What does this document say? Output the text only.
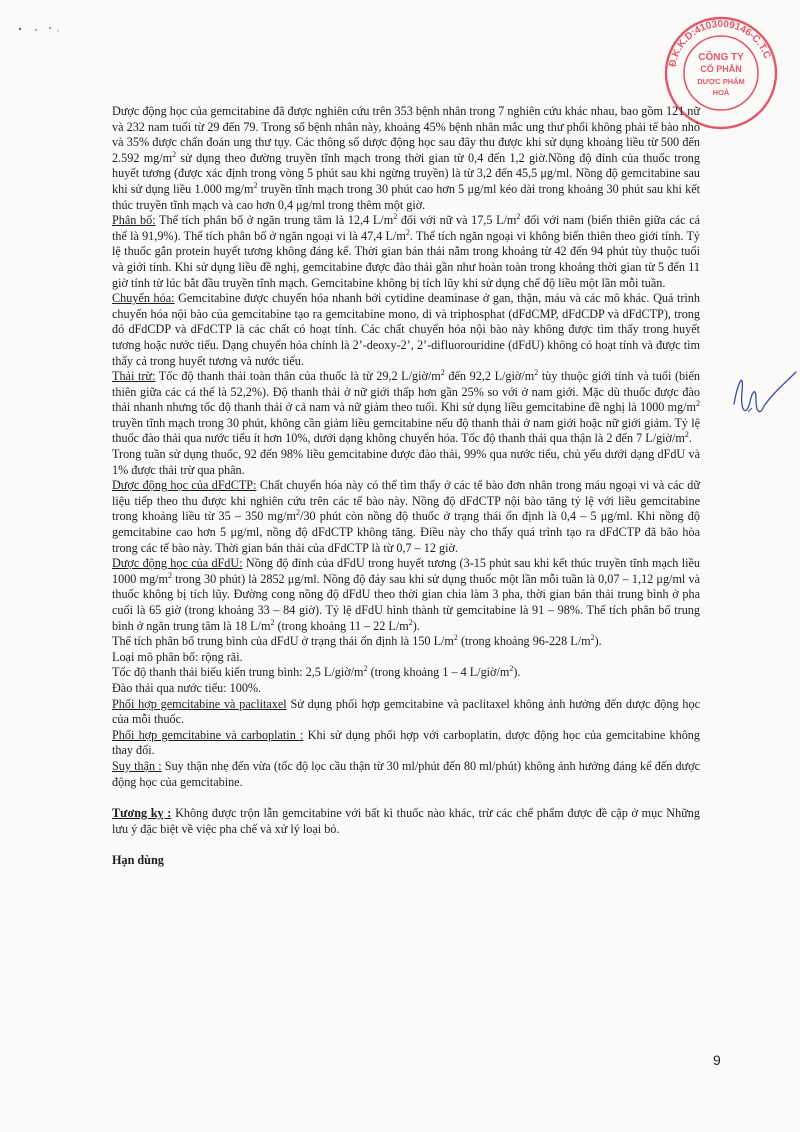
Đ.K.K.D:4103009146-C.T.C
CÔNG TY
CỔ PHẦN
DƯỢC PHẨM
HOÀ

Dược động học của gemcitabine đã được nghiên cứu trên 353 bệnh nhân trong 7 nghiên cứu khác nhau, bao gồm 121 nữ và 232 nam tuổi từ 29 đến 79. Trong số bệnh nhân này, khoảng 45% bệnh nhân mắc ung thư phổi không phải tế bào nhỏ và 35% được chẩn đoán ung thư tụy. Các thông số dược động học sau đây thu được khi sử dụng khoảng liều từ 500 đến 2.592 $mg/m^2$ sử dụng theo đường truyền tĩnh mạch trong thời gian từ 0,4 đến 1,2 giờ.Nồng độ đỉnh của thuốc trong huyết tương (được xác định trong vòng 5 phút sau khi ngừng truyền) là từ 3,2 đến 45,5 μg/ml. Nồng độ gemcitabine sau khi sử dụng liều 1.000 $mg/m^2$ truyền tĩnh mạch trong 30 phút cao hơn 5 μg/ml kéo dài trong khoảng 30 phút sau khi kết thúc truyền tĩnh mạch và cao hơn 0,4 μg/ml trong thêm một giờ.

Phân bố: Thể tích phân bố ở ngăn trung tâm là 12,4 $L/m^2$ đối với nữ và 17,5 $L/m^2$ đối với nam (biến thiên giữa các cá thể là 91,9%). Thể tích phân bố ở ngăn ngoại vi là 47,4 $L/m^2$. Thể tích ngăn ngoại vi không biến thiên theo giới tính. Tỷ lệ thuốc gắn protein huyết tương không đáng kể. Thời gian bán thải nằm trong khoảng từ 42 đến 94 phút tùy thuộc tuổi và giới tính. Khi sử dụng liều đề nghị, gemcitabine được đào thải gần như hoàn toàn trong khoảng thời gian từ 5 đến 11 giờ tính từ lúc bắt đầu truyền tĩnh mạch. Gemcitabine không bị tích lũy khi sử dụng chế độ liều một lần mỗi tuần.

Chuyển hóa: Gemcitabine được chuyển hóa nhanh bởi cytidine deaminase ở gan, thận, máu và các mô khác. Quá trình chuyển hóa nội bào của gemcitabine tạo ra gemcitabine mono, di và triphosphat (dFdCMP, dFdCDP và dFdCTP), trong đó dFdCDP và dFdCTP là các chất có hoạt tính. Các chất chuyển hóa nội bào này không được tìm thấy trong huyết tương hoặc nước tiểu. Dạng chuyển hóa chính là 2’-deoxy-2’, 2’-difluorouridine (dFdU) không có hoạt tính và được tìm thấy cả trong huyết tương và nước tiểu.

Thải trừ: Tốc độ thanh thải toàn thân của thuốc là từ 29,2 $L/giờ/m^2$ đến 92,2 $L/giờ/m^2$ tùy thuộc giới tính và tuổi (biến thiên giữa các cá thể là 52,2%). Độ thanh thải ở nữ giới thấp hơn gần 25% so với ở nam giới. Mặc dù thuốc được đào thải nhanh nhưng tốc độ thanh thải ở cả nam và nữ giảm theo tuổi. Khi sử dụng liều gemcitabine đề nghị là 1000 $mg/m^2$ truyền tĩnh mạch trong 30 phút, không cần giảm liều gemcitabine nếu độ thanh thải ở nam giới hoặc nữ giới giảm. Tỷ lệ thuốc đào thải qua nước tiểu ít hơn 10%, dưới dạng không chuyển hóa. Tốc độ thanh thải qua thận là 2 đến 7 $L/giờ/m^2$.

Trong tuần sử dụng thuốc, 92 đến 98% liều gemcitabine được đào thải, 99% qua nước tiểu, chủ yếu dưới dạng dFdU và 1% được thải trừ qua phân.

Dược động học của dFdCTP: Chất chuyển hóa này có thể tìm thấy ở các tế bào đơn nhân trong máu ngoại vi và các dữ liệu tiếp theo thu được khi nghiên cứu trên các tế bào này. Nồng độ dFdCTP nội bào tăng tỷ lệ với liều gemcitabine trong khoảng liều từ 35 – 350 $mg/m^2/30$ phút còn nồng độ thuốc ở trạng thái ổn định là 0,4 – 5 μg/ml. Khi nồng độ gemcitabine cao hơn 5 μg/ml, nồng độ dFdCTP không tăng. Điều này cho thấy quá trình tạo ra dFdCTP đã bão hòa trong các tế bào này. Thời gian bán thải của dFdCTP là từ 0,7 – 12 giờ.

Dược động học của dFdU: Nồng độ đỉnh của dFdU trong huyết tương (3-15 phút sau khi kết thúc truyền tĩnh mạch liều 1000 $mg/m^2$ trong 30 phút) là 2852 μg/ml. Nồng độ đáy sau khi sử dụng thuốc một lần mỗi tuần là 0,07 – 1,12 μg/ml và thuốc không bị tích lũy. Đường cong nồng độ dFdU theo thời gian chia làm 3 pha, thời gian bán thải trung bình ở pha cuối là 65 giờ (trong khoảng 33 – 84 giờ). Tỷ lệ dFdU hình thành từ gemcitabine là 91 – 98%. Thể tích phân bố trung bình ở ngăn trung tâm là 18 $L/m^2$ (trong khoảng 11 – 22 $L/m^2$).

Thể tích phân bố trung bình của dFdU ở trạng thái ổn định là 150 $L/m^2$ (trong khoảng 96-228 $L/m^2$).

Loại mô phân bố: rộng rãi.

Tốc độ thanh thải biểu kiến trung bình: 2,5 $L/giờ/m^2$ (trong khoảng 1 – 4 $L/giờ/m^2$).

Đào thải qua nước tiểu: 100%.

Phối hợp gemcitabine và paclitaxel Sử dụng phối hợp gemcitabine và paclitaxel không ảnh hưởng đến dược động học của mỗi thuốc.

Phối hợp gemcitabine và carboplatin : Khi sử dụng phối hợp với carboplatin, dược động học của gemcitabine không thay đổi.

Suy thận : Suy thận nhẹ đến vừa (tốc độ lọc cầu thận từ 30 ml/phút đến 80 ml/phút) không ảnh hưởng đáng kể đến dược động học của gemcitabine.

Tương kỵ : Không được trộn lẫn gemcitabine với bất kì thuốc nào khác, trừ các chế phẩm được đề cập ở mục Những lưu ý đặc biệt về việc pha chế và xử lý loại bỏ.

Hạn dùng

9
